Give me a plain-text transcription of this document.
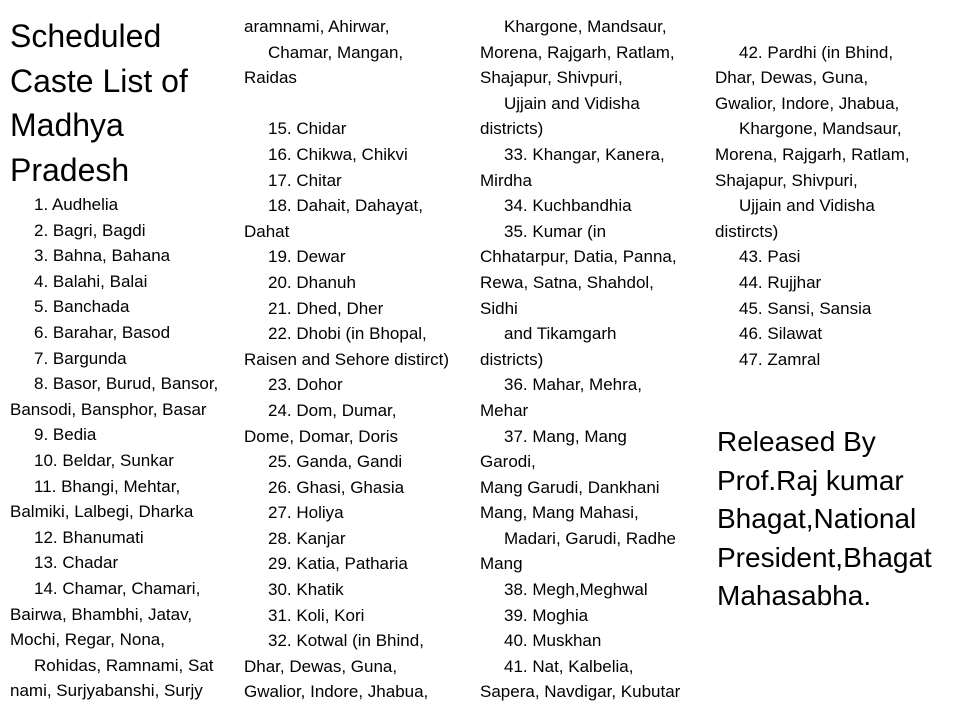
Scheduled
Caste List of
Madhya
Pradesh
1. Audhelia
2. Bagri, Bagdi
3. Bahna, Bahana
4. Balahi, Balai
5. Banchada
6. Barahar, Basod
7. Bargunda
8. Basor, Burud, Bansor,
Bansodi, Bansphor, Basar
9. Bedia
10. Beldar, Sunkar
11. Bhangi, Mehtar,
Balmiki, Lalbegi, Dharka
12. Bhanumati
13. Chadar
14. Chamar, Chamari,
Bairwa, Bhambhi, Jatav,
Mochi, Regar, Nona,
Rohidas, Ramnami, Sat
nami, Surjyabanshi, Surjy
aramnami, Ahirwar,
Chamar, Mangan,
Raidas
15. Chidar
16. Chikwa, Chikvi
17. Chitar
18. Dahait, Dahayat,
Dahat
19. Dewar
20. Dhanuh
21. Dhed, Dher
22. Dhobi (in Bhopal,
Raisen and Sehore distirct)
23. Dohor
24. Dom, Dumar,
Dome, Domar, Doris
25. Ganda, Gandi
26. Ghasi, Ghasia
27. Holiya
28. Kanjar
29. Katia, Patharia
30. Khatik
31. Koli, Kori
32. Kotwal (in Bhind,
Dhar, Dewas, Guna,
Gwalior, Indore, Jhabua,
Khargone, Mandsaur,
Morena, Rajgarh, Ratlam,
Shajapur, Shivpuri,
Ujjain and Vidisha
districts)
33. Khangar, Kanera,
Mirdha
34. Kuchbandhia
35. Kumar (in
Chhatarpur, Datia, Panna,
Rewa, Satna, Shahdol,
Sidhi
and Tikamgarh
districts)
36. Mahar, Mehra,
Mehar
37. Mang, Mang
Garodi,
Mang Garudi, Dankhani
Mang, Mang Mahasi,
Madari, Garudi, Radhe
Mang
38. Megh,Meghwal
39. Moghia
40. Muskhan
41. Nat, Kalbelia,
Sapera, Navdigar, Kubutar
42. Pardhi (in Bhind,
Dhar, Dewas, Guna,
Gwalior, Indore, Jhabua,
Khargone, Mandsaur,
Morena, Rajgarh, Ratlam,
Shajapur, Shivpuri,
Ujjain and Vidisha
distircts)
43. Pasi
44. Rujjhar
45. Sansi, Sansia
46. Silawat
47. Zamral
Released By
Prof.Raj kumar
Bhagat,National
President,Bhagat
Mahasabha.
